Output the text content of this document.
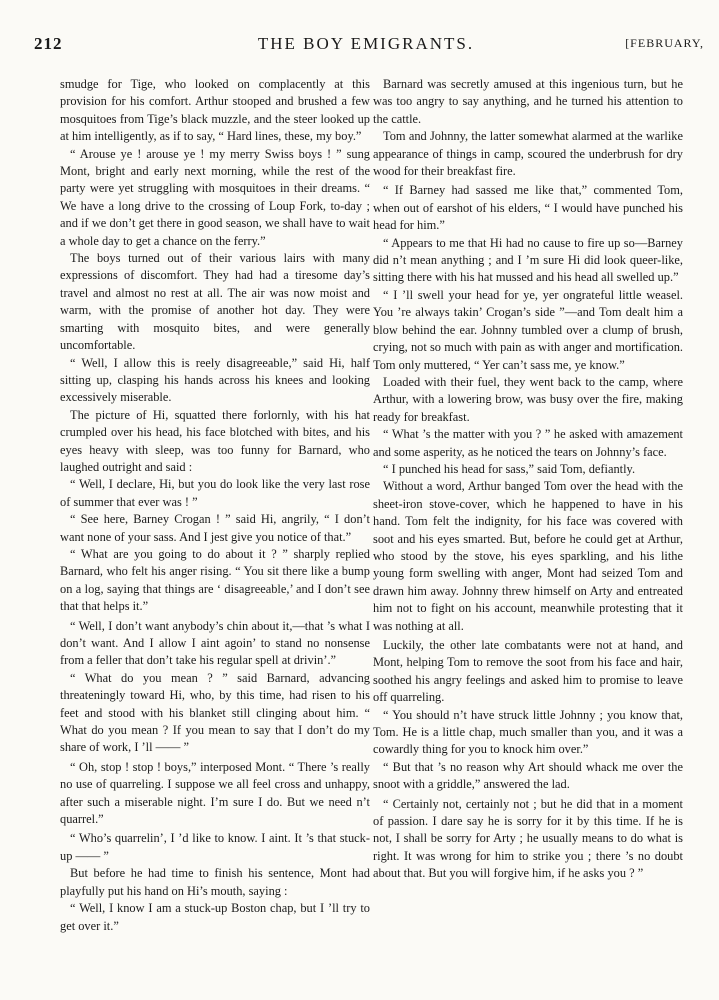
212	THE BOY EMIGRANTS.	[FEBRUARY,

smudge for Tige, who looked on complacently at this provision for his comfort. Arthur stooped and brushed a few mosquitoes from Tige’s black muzzle, and the steer looked up at him intelligently, as if to say, “ Hard lines, these, my boy.”

“ Arouse ye ! arouse ye ! my merry Swiss boys ! ” sung Mont, bright and early next morning, while the rest of the party were yet struggling with mosquitoes in their dreams. “ We have a long drive to the crossing of Loup Fork, to-day ; and if we don’t get there in good season, we shall have to wait a whole day to get a chance on the ferry.”

The boys turned out of their various lairs with many expressions of discomfort. They had had a tiresome day’s travel and almost no rest at all. The air was now moist and warm, with the promise of another hot day. They were smarting with mosquito bites, and were generally uncomfortable.

“ Well, I allow this is reely disagreeable,” said Hi, half sitting up, clasping his hands across his knees and looking excessively miserable.

The picture of Hi, squatted there forlornly, with his hat crumpled over his head, his face blotched with bites, and his eyes heavy with sleep, was too funny for Barnard, who laughed outright and said :

“ Well, I declare, Hi, but you do look like the very last rose of summer that ever was ! ”

“ See here, Barney Crogan ! ” said Hi, angrily, “ I don’t want none of your sass. And I jest give you notice of that.”

“ What are you going to do about it ? ” sharply replied Barnard, who felt his anger rising. “ You sit there like a bump on a log, saying that things are ‘ disagreeable,’ and I don’t see that that helps it.”

“ Well, I don’t want anybody’s chin about it,—that ’s what I don’t want. And I allow I aint agoin’ to stand no nonsense from a feller that don’t take his regular spell at drivin’.”

“ What do you mean ? ” said Barnard, advancing threateningly toward Hi, who, by this time, had risen to his feet and stood with his blanket still clinging about him. “ What do you mean ? If you mean to say that I don’t do my share of work, I ’ll —— ”

“ Oh, stop ! stop ! boys,” interposed Mont. “ There ’s really no use of quarreling. I suppose we all feel cross and unhappy, after such a miserable night. I’m sure I do. But we need n’t quarrel.”

“ Who’s quarrelin’, I ’d like to know. I aint. It ’s that stuck-up —— ”

But before he had time to finish his sentence, Mont had playfully put his hand on Hi’s mouth, saying :

“ Well, I know I am a stuck-up Boston chap, but I ’ll try to get over it.”

Barnard was secretly amused at this ingenious turn, but he was too angry to say anything, and he turned his attention to the cattle.

Tom and Johnny, the latter somewhat alarmed at the warlike appearance of things in camp, scoured the underbrush for dry wood for their breakfast fire.

“ If Barney had sassed me like that,” commented Tom, when out of earshot of his elders, “ I would have punched his head for him.”

“ Appears to me that Hi had no cause to fire up so—Barney did n’t mean anything ; and I ’m sure Hi did look queer-like, sitting there with his hat mussed and his head all swelled up.”

“ I ’ll swell your head for ye, yer ongrateful little weasel. You ’re always takin’ Crogan’s side ”—and Tom dealt him a blow behind the ear. Johnny tumbled over a clump of brush, crying, not so much with pain as with anger and mortification. Tom only muttered, “ Yer can’t sass me, ye know.”

Loaded with their fuel, they went back to the camp, where Arthur, with a lowering brow, was busy over the fire, making ready for breakfast.

“ What ’s the matter with you ? ” he asked with amazement and some asperity, as he noticed the tears on Johnny’s face.

“ I punched his head for sass,” said Tom, defiantly.

Without a word, Arthur banged Tom over the head with the sheet-iron stove-cover, which he happened to have in his hand. Tom felt the indignity, for his face was covered with soot and his eyes smarted. But, before he could get at Arthur, who stood by the stove, his eyes sparkling, and his lithe young form swelling with anger, Mont had seized Tom and drawn him away. Johnny threw himself on Arty and entreated him not to fight on his account, meanwhile protesting that it was nothing at all.

Luckily, the other late combatants were not at hand, and Mont, helping Tom to remove the soot from his face and hair, soothed his angry feelings and asked him to promise to leave off quarreling.

“ You should n’t have struck little Johnny ; you know that, Tom. He is a little chap, much smaller than you, and it was a cowardly thing for you to knock him over.”

“ But that ’s no reason why Art should whack me over the snoot with a griddle,” answered the lad.

“ Certainly not, certainly not ; but he did that in a moment of passion. I dare say he is sorry for it by this time. If he is not, I shall be sorry for Arty ; he usually means to do what is right. It was wrong for him to strike you ; there ’s no doubt about that. But you will forgive him, if he asks you ? ”
